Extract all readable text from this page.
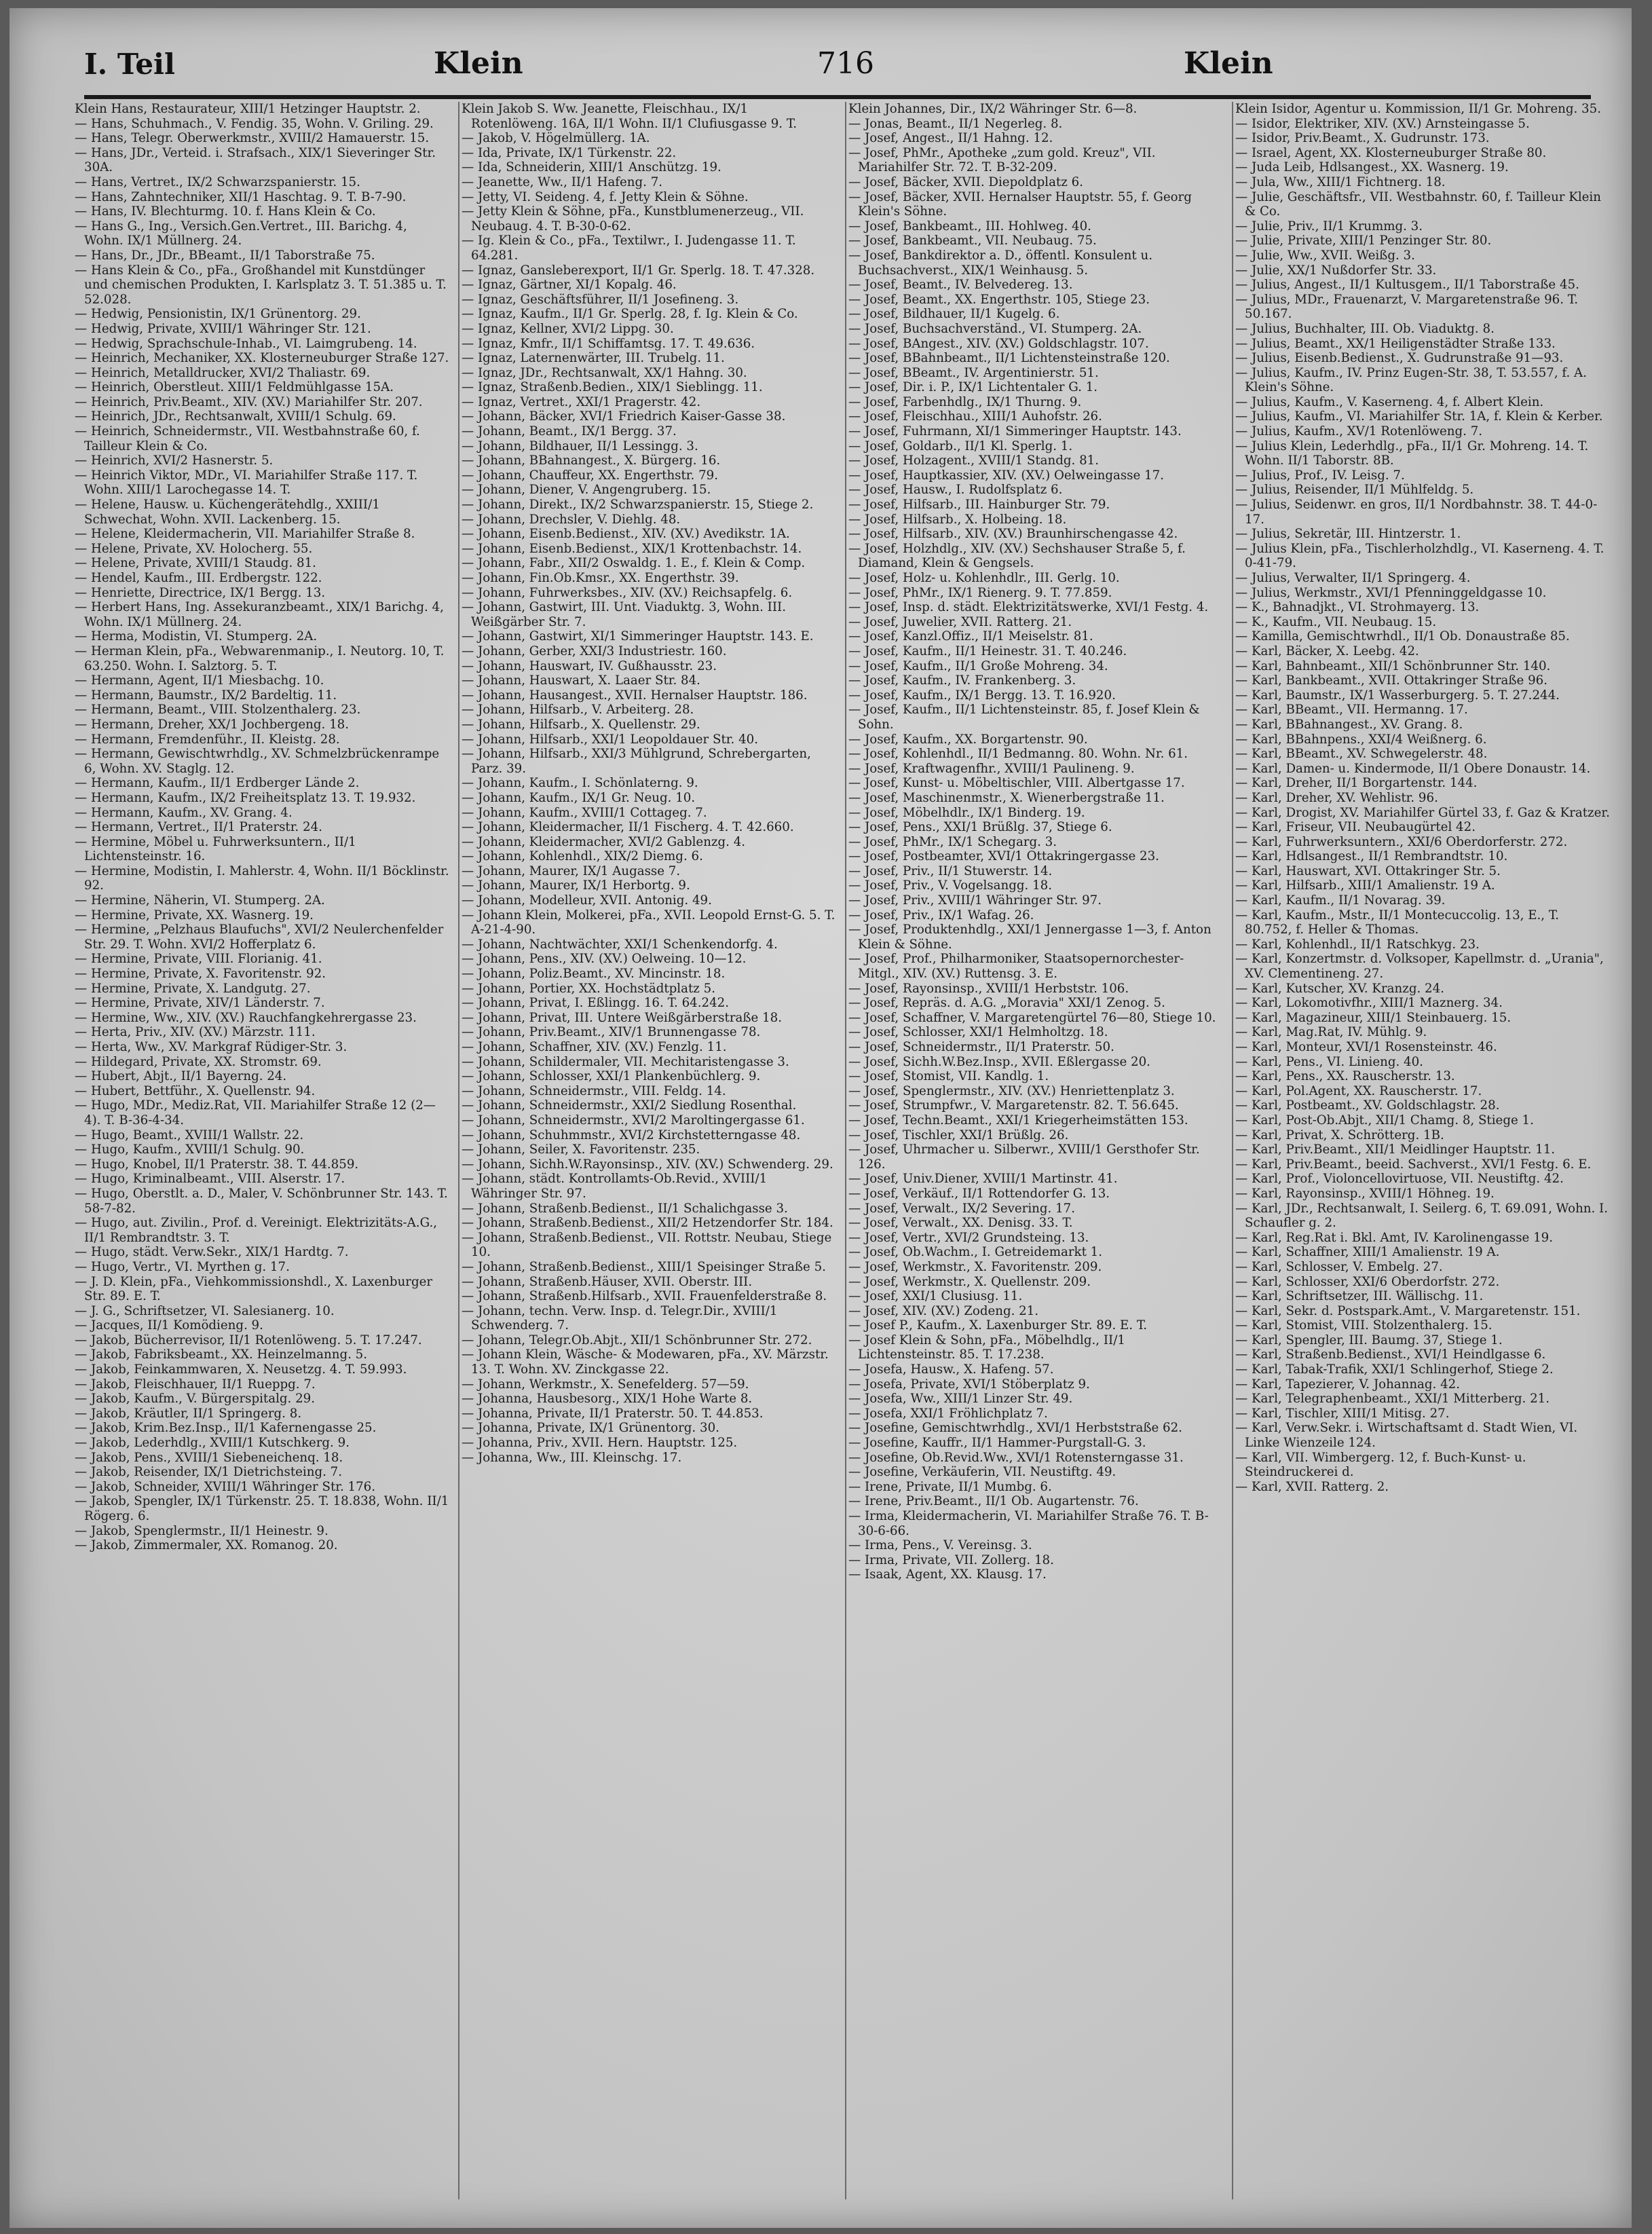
I. Teil	Klein	716	Klein

Klein Hans, Restaurateur, XIII/1 Hetzinger Hauptstr. 2.

— Hans, Schuhmach., V. Fendig. 35, Wohn. V. Griling. 29.

— Hans, Telegr. Oberwerkmstr., XVIII/2 Hamauerstr. 15.

— Hans, JDr., Verteid. i. Strafsach., XIX/1 Sieveringer Str. 30A.

— Hans, Vertret., IX/2 Schwarzspanierstr. 15.

— Hans, Zahntechniker, XII/1 Haschtag. 9. T. B-7-90.

— Hans, IV. Blechturmg. 10. f. Hans Klein & Co.

— Hans G., Ing., Versich.Gen.Vertret., III. Barichg. 4, Wohn. IX/1 Müllnerg. 24.

— Hans, Dr., JDr., BBeamt., II/1 Taborstraße 75.

— Hans Klein & Co., pFa., Großhandel mit Kunstdünger und chemischen Produkten, I. Karlsplatz 3. T. 51.385 u. T. 52.028.

— Hedwig, Pensionistin, IX/1 Grünentorg. 29.

— Hedwig, Private, XVIII/1 Währinger Str. 121.

— Hedwig, Sprachschule-Inhab., VI. Laimgrubeng. 14.

— Heinrich, Mechaniker, XX. Klosterneuburger Straße 127.

— Heinrich, Metalldrucker, XVI/2 Thaliastr. 69.

— Heinrich, Oberstleut. XIII/1 Feldmühlgasse 15A.

— Heinrich, Priv.Beamt., XIV. (XV.) Mariahilfer Str. 207.

— Heinrich, JDr., Rechtsanwalt, XVIII/1 Schulg. 69.

— Heinrich, Schneidermstr., VII. Westbahnstraße 60, f. Tailleur Klein & Co.

— Heinrich, XVI/2 Hasnerstr. 5.

— Heinrich Viktor, MDr., VI. Mariahilfer Straße 117. T. Wohn. XIII/1 Larochegasse 14. T.

— Helene, Hausw. u. Küchengerätehdlg., XXIII/1 Schwechat, Wohn. XVII. Lackenberg. 15.

— Helene, Kleidermacherin, VII. Mariahilfer Straße 8.

— Helene, Private, XV. Holocherg. 55.

— Helene, Private, XVIII/1 Staudg. 81.

— Hendel, Kaufm., III. Erdbergstr. 122.

— Henriette, Directrice, IX/1 Bergg. 13.

— Herbert Hans, Ing. Assekuranzbeamt., XIX/1 Barichg. 4, Wohn. IX/1 Müllnerg. 24.

— Herma, Modistin, VI. Stumperg. 2A.

— Herman Klein, pFa., Webwarenmanip., I. Neutorg. 10, T. 63.250. Wohn. I. Salztorg. 5. T.

— Hermann, Agent, II/1 Miesbachg. 10.

— Hermann, Baumstr., IX/2 Bardeltig. 11.

— Hermann, Beamt., VIII. Stolzenthalerg. 23.

— Hermann, Dreher, XX/1 Jochbergeng. 18.

— Hermann, Fremdenführ., II. Kleistg. 28.

— Hermann, Gewischtwrhdlg., XV. Schmelzbrückenrampe 6, Wohn. XV. Staglg. 12.

— Hermann, Kaufm., II/1 Erdberger Lände 2.

— Hermann, Kaufm., IX/2 Freiheitsplatz 13. T. 19.932.

— Hermann, Kaufm., XV. Grang. 4.

— Hermann, Vertret., II/1 Praterstr. 24.

— Hermine, Möbel u. Fuhrwerksuntern., II/1 Lichtensteinstr. 16.

— Hermine, Modistin, I. Mahlerstr. 4, Wohn. II/1 Böcklinstr. 92.

— Hermine, Näherin, VI. Stumperg. 2A.

— Hermine, Private, XX. Wasnerg. 19.

— Hermine, „Pelzhaus Blaufuchs", XVI/2 Neulerchenfelder Str. 29. T. Wohn. XVI/2 Hofferplatz 6.

— Hermine, Private, VIII. Florianig. 41.

— Hermine, Private, X. Favoritenstr. 92.

— Hermine, Private, X. Landgutg. 27.

— Hermine, Private, XIV/1 Länderstr. 7.

— Hermine, Ww., XIV. (XV.) Rauchfangkehrergasse 23.

— Herta, Priv., XIV. (XV.) Märzstr. 111.

— Herta, Ww., XV. Markgraf Rüdiger-Str. 3.

— Hildegard, Private, XX. Stromstr. 69.

— Hubert, Abjt., II/1 Bayerng. 24.

— Hubert, Bettführ., X. Quellenstr. 94.

— Hugo, MDr., Mediz.Rat, VII. Mariahilfer Straße 12 (2—4). T. B-36-4-34.

— Hugo, Beamt., XVIII/1 Wallstr. 22.

— Hugo, Kaufm., XVIII/1 Schulg. 90.

— Hugo, Knobel, II/1 Praterstr. 38. T. 44.859.

— Hugo, Kriminalbeamt., VIII. Alserstr. 17.

— Hugo, Oberstlt. a. D., Maler, V. Schönbrunner Str. 143. T. 58-7-82.

— Hugo, aut. Zivilin., Prof. d. Vereinigt. Elektrizitäts-A.G., II/1 Rembrandtstr. 3. T.

— Hugo, städt. Verw.Sekr., XIX/1 Hardtg. 7.

— Hugo, Vertr., VI. Myrthen g. 17.

— J. D. Klein, pFa., Viehkommissionshdl., X. Laxenburger Str. 89. E. T.

— J. G., Schriftsetzer, VI. Salesianerg. 10.

— Jacques, II/1 Komödieng. 9.

— Jakob, Bücherrevisor, II/1 Rotenlöweng. 5. T. 17.247.

— Jakob, Fabriksbeamt., XX. Heinzelmanng. 5.

— Jakob, Feinkammwaren, X. Neusetzg. 4. T. 59.993.

— Jakob, Fleischhauer, II/1 Rueppg. 7.

— Jakob, Kaufm., V. Bürgerspitalg. 29.

— Jakob, Kräutler, II/1 Springerg. 8.

— Jakob, Krim.Bez.Insp., II/1 Kafernengasse 25.

— Jakob, Lederhdlg., XVIII/1 Kutschkerg. 9.

— Jakob, Pens., XVIII/1 Siebeneichenq. 18.

— Jakob, Reisender, IX/1 Dietrichsteing. 7.

— Jakob, Schneider, XVIII/1 Währinger Str. 176.

— Jakob, Spengler, IX/1 Türkenstr. 25. T. 18.838, Wohn. II/1 Rögerg. 6.

— Jakob, Spenglermstr., II/1 Heinestr. 9.

— Jakob, Zimmermaler, XX. Romanog. 20.

Klein Jakob S. Ww. Jeanette, Fleischhau., IX/1 Rotenlöweng. 16A, II/1 Wohn. II/1 Clufiusgasse 9. T.

— Jakob, V. Högelmüllerg. 1A.

— Ida, Private, IX/1 Türkenstr. 22.

— Ida, Schneiderin, XIII/1 Anschützg. 19.

— Jeanette, Ww., II/1 Hafeng. 7.

— Jetty, VI. Seideng. 4, f. Jetty Klein & Söhne.

— Jetty Klein & Söhne, pFa., Kunstblumenerzeug., VII. Neubaug. 4. T. B-30-0-62.

— Ig. Klein & Co., pFa., Textilwr., I. Judengasse 11. T. 64.281.

— Ignaz, Gansleberexport, II/1 Gr. Sperlg. 18. T. 47.328.

— Ignaz, Gärtner, XI/1 Kopalg. 46.

— Ignaz, Geschäftsführer, II/1 Josefineng. 3.

— Ignaz, Kaufm., II/1 Gr. Sperlg. 28, f. Ig. Klein & Co.

— Ignaz, Kellner, XVI/2 Lippg. 30.

— Ignaz, Kmfr., II/1 Schiffamtsg. 17. T. 49.636.

— Ignaz, Laternenwärter, III. Trubelg. 11.

— Ignaz, JDr., Rechtsanwalt, XX/1 Hahng. 30.

— Ignaz, Straßenb.Bedien., XIX/1 Sieblingg. 11.

— Ignaz, Vertret., XXI/1 Pragerstr. 42.

— Johann, Bäcker, XVI/1 Friedrich Kaiser-Gasse 38.

— Johann, Beamt., IX/1 Bergg. 37.

— Johann, Bildhauer, II/1 Lessingg. 3.

— Johann, BBahnangest., X. Bürgerg. 16.

— Johann, Chauffeur, XX. Engerthstr. 79.

— Johann, Diener, V. Angengruberg. 15.

— Johann, Direkt., IX/2 Schwarzspanierstr. 15, Stiege 2.

— Johann, Drechsler, V. Diehlg. 48.

— Johann, Eisenb.Bedienst., XIV. (XV.) Avedikstr. 1A.

— Johann, Eisenb.Bedienst., XIX/1 Krottenbachstr. 14.

— Johann, Fabr., XII/2 Oswaldg. 1. E., f. Klein & Comp.

— Johann, Fin.Ob.Kmsr., XX. Engerthstr. 39.

— Johann, Fuhrwerksbes., XIV. (XV.) Reichsapfelg. 6.

— Johann, Gastwirt, III. Unt. Viaduktg. 3, Wohn. III. Weißgärber Str. 7.

— Johann, Gastwirt, XI/1 Simmeringer Hauptstr. 143. E.

— Johann, Gerber, XXI/3 Industriestr. 160.

— Johann, Hauswart, IV. Gußhausstr. 23.

— Johann, Hauswart, X. Laaer Str. 84.

— Johann, Hausangest., XVII. Hernalser Hauptstr. 186.

— Johann, Hilfsarb., V. Arbeiterg. 28.

— Johann, Hilfsarb., X. Quellenstr. 29.

— Johann, Hilfsarb., XXI/1 Leopoldauer Str. 40.

— Johann, Hilfsarb., XXI/3 Mühlgrund, Schrebergarten, Parz. 39.

— Johann, Kaufm., I. Schönlaterng. 9.

— Johann, Kaufm., IX/1 Gr. Neug. 10.

— Johann, Kaufm., XVIII/1 Cottageg. 7.

— Johann, Kleidermacher, II/1 Fischerg. 4. T. 42.660.

— Johann, Kleidermacher, XVI/2 Gablenzg. 4.

— Johann, Kohlenhdl., XIX/2 Diemg. 6.

— Johann, Maurer, IX/1 Augasse 7.

— Johann, Maurer, IX/1 Herbortg. 9.

— Johann, Modelleur, XVII. Antonig. 49.

— Johann Klein, Molkerei, pFa., XVII. Leopold Ernst-G. 5. T. A-21-4-90.

— Johann, Nachtwächter, XXI/1 Schenkendorfg. 4.

— Johann, Pens., XIV. (XV.) Oelweing. 10—12.

— Johann, Poliz.Beamt., XV. Mincinstr. 18.

— Johann, Portier, XX. Hochstädtplatz 5.

— Johann, Privat, I. Eßlingg. 16. T. 64.242.

— Johann, Privat, III. Untere Weißgärberstraße 18.

— Johann, Priv.Beamt., XIV/1 Brunnengasse 78.

— Johann, Schaffner, XIV. (XV.) Fenzlg. 11.

— Johann, Schildermaler, VII. Mechitaristengasse 3.

— Johann, Schlosser, XXI/1 Plankenbüchlerg. 9.

— Johann, Schneidermstr., VIII. Feldg. 14.

— Johann, Schneidermstr., XXI/2 Siedlung Rosenthal.

— Johann, Schneidermstr., XVI/2 Maroltingergasse 61.

— Johann, Schuhmmstr., XVI/2 Kirchstetterngasse 48.

— Johann, Seiler, X. Favoritenstr. 235.

— Johann, Sichh.W.Rayonsinsp., XIV. (XV.) Schwenderg. 29.

— Johann, städt. Kontrollamts-Ob.Revid., XVIII/1 Währinger Str. 97.

— Johann, Straßenb.Bedienst., II/1 Schalichgasse 3.

— Johann, Straßenb.Bedienst., XII/2 Hetzendorfer Str. 184.

— Johann, Straßenb.Bedienst., VII. Rottstr. Neubau, Stiege 10.

— Johann, Straßenb.Bedienst., XIII/1 Speisinger Straße 5.

— Johann, Straßenb.Häuser, XVII. Oberstr. III.

— Johann, Straßenb.Hilfsarb., XVII. Frauenfelderstraße 8.

— Johann, techn. Verw. Insp. d. Telegr.Dir., XVIII/1 Schwenderg. 7.

— Johann, Telegr.Ob.Abjt., XII/1 Schönbrunner Str. 272.

— Johann Klein, Wäsche- & Modewaren, pFa., XV. Märzstr. 13. T. Wohn. XV. Zinckgasse 22.

— Johann, Werkmstr., X. Senefelderg. 57—59.

— Johanna, Hausbesorg., XIX/1 Hohe Warte 8.

— Johanna, Private, II/1 Praterstr. 50. T. 44.853.

— Johanna, Private, IX/1 Grünentorg. 30.

— Johanna, Priv., XVII. Hern. Hauptstr. 125.

— Johanna, Ww., III. Kleinschg. 17.

Klein Johannes, Dir., IX/2 Währinger Str. 6—8.

— Jonas, Beamt., II/1 Negerleg. 8.

— Josef, Angest., II/1 Hahng. 12.

— Josef, PhMr., Apotheke „zum gold. Kreuz", VII. Mariahilfer Str. 72. T. B-32-209.

— Josef, Bäcker, XVII. Diepoldplatz 6.

— Josef, Bäcker, XVII. Hernalser Hauptstr. 55, f. Georg Klein's Söhne.

— Josef, Bankbeamt., III. Hohlweg. 40.

— Josef, Bankbeamt., VII. Neubaug. 75.

— Josef, Bankdirektor a. D., öffentl. Konsulent u. Buchsachverst., XIX/1 Weinhausg. 5.

— Josef, Beamt., IV. Belvedereg. 13.

— Josef, Beamt., XX. Engerthstr. 105, Stiege 23.

— Josef, Bildhauer, II/1 Kugelg. 6.

— Josef, Buchsachverständ., VI. Stumperg. 2A.

— Josef, BAngest., XIV. (XV.) Goldschlagstr. 107.

— Josef, BBahnbeamt., II/1 Lichtensteinstraße 120.

— Josef, BBeamt., IV. Argentinierstr. 51.

— Josef, Dir. i. P., IX/1 Lichtentaler G. 1.

— Josef, Farbenhdlg., IX/1 Thurng. 9.

— Josef, Fleischhau., XIII/1 Auhofstr. 26.

— Josef, Fuhrmann, XI/1 Simmeringer Hauptstr. 143.

— Josef, Goldarb., II/1 Kl. Sperlg. 1.

— Josef, Holzagent., XVIII/1 Standg. 81.

— Josef, Hauptkassier, XIV. (XV.) Oelweingasse 17.

— Josef, Hausw., I. Rudolfsplatz 6.

— Josef, Hilfsarb., III. Hainburger Str. 79.

— Josef, Hilfsarb., X. Holbeing. 18.

— Josef, Hilfsarb., XIV. (XV.) Braunhirschengasse 42.

— Josef, Holzhdlg., XIV. (XV.) Sechshauser Straße 5, f. Diamand, Klein & Gengsels.

— Josef, Holz- u. Kohlenhdlr., III. Gerlg. 10.

— Josef, PhMr., IX/1 Rienerg. 9. T. 77.859.

— Josef, Insp. d. städt. Elektrizitätswerke, XVI/1 Festg. 4.

— Josef, Juwelier, XVII. Ratterg. 21.

— Josef, Kanzl.Offiz., II/1 Meiselstr. 81.

— Josef, Kaufm., II/1 Heinestr. 31. T. 40.246.

— Josef, Kaufm., II/1 Große Mohreng. 34.

— Josef, Kaufm., IV. Frankenberg. 3.

— Josef, Kaufm., IX/1 Bergg. 13. T. 16.920.

— Josef, Kaufm., II/1 Lichtensteinstr. 85, f. Josef Klein & Sohn.

— Josef, Kaufm., XX. Borgartenstr. 90.

— Josef, Kohlenhdl., II/1 Bedmanng. 80. Wohn. Nr. 61.

— Josef, Kraftwagenfhr., XVIII/1 Paulineng. 9.

— Josef, Kunst- u. Möbeltischler, VIII. Albertgasse 17.

— Josef, Maschinenmstr., X. Wienerbergstraße 11.

— Josef, Möbelhdlr., IX/1 Binderg. 19.

— Josef, Pens., XXI/1 Brüßlg. 37, Stiege 6.

— Josef, PhMr., IX/1 Schegarg. 3.

— Josef, Postbeamter, XVI/1 Ottakringergasse 23.

— Josef, Priv., II/1 Stuwerstr. 14.

— Josef, Priv., V. Vogelsangg. 18.

— Josef, Priv., XVIII/1 Währinger Str. 97.

— Josef, Priv., IX/1 Wafag. 26.

— Josef, Produktenhdlg., XXI/1 Jennergasse 1—3, f. Anton Klein & Söhne.

— Josef, Prof., Philharmoniker, Staatsopernorchester-Mitgl., XIV. (XV.) Ruttensg. 3. E.

— Josef, Rayonsinsp., XVIII/1 Herbststr. 106.

— Josef, Repräs. d. A.G. „Moravia" XXI/1 Zenog. 5.

— Josef, Schaffner, V. Margaretengürtel 76—80, Stiege 10.

— Josef, Schlosser, XXI/1 Helmholtzg. 18.

— Josef, Schneidermstr., II/1 Praterstr. 50.

— Josef, Sichh.W.Bez.Insp., XVII. Eßlergasse 20.

— Josef, Stomist, VII. Kandlg. 1.

— Josef, Spenglermstr., XIV. (XV.) Henriettenplatz 3.

— Josef, Strumpfwr., V. Margaretenstr. 82. T. 56.645.

— Josef, Techn.Beamt., XXI/1 Kriegerheimstätten 153.

— Josef, Tischler, XXI/1 Brüßlg. 26.

— Josef, Uhrmacher u. Silberwr., XVIII/1 Gersthofer Str. 126.

— Josef, Univ.Diener, XVIII/1 Martinstr. 41.

— Josef, Verkäuf., II/1 Rottendorfer G. 13.

— Josef, Verwalt., IX/2 Severing. 17.

— Josef, Verwalt., XX. Denisg. 33. T.

— Josef, Vertr., XVI/2 Grundsteing. 13.

— Josef, Ob.Wachm., I. Getreidemarkt 1.

— Josef, Werkmstr., X. Favoritenstr. 209.

— Josef, Werkmstr., X. Quellenstr. 209.

— Josef, XXI/1 Clusiusg. 11.

— Josef, XIV. (XV.) Zodeng. 21.

— Josef P., Kaufm., X. Laxenburger Str. 89. E. T.

— Josef Klein & Sohn, pFa., Möbelhdlg., II/1 Lichtensteinstr. 85. T. 17.238.

— Josefa, Hausw., X. Hafeng. 57.

— Josefa, Private, XVI/1 Stöberplatz 9.

— Josefa, Ww., XIII/1 Linzer Str. 49.

— Josefa, XXI/1 Fröhlichplatz 7.

— Josefine, Gemischtwrhdlg., XVI/1 Herbststraße 62.

— Josefine, Kauffr., II/1 Hammer-Purgstall-G. 3.

— Josefine, Ob.Revid.Ww., XVI/1 Rotensterngasse 31.

— Josefine, Verkäuferin, VII. Neustiftg. 49.

— Irene, Private, II/1 Mumbg. 6.

— Irene, Priv.Beamt., II/1 Ob. Augartenstr. 76.

— Irma, Kleidermacherin, VI. Mariahilfer Straße 76. T. B-30-6-66.

— Irma, Pens., V. Vereinsg. 3.

— Irma, Private, VII. Zollerg. 18.

— Isaak, Agent, XX. Klausg. 17.

Klein Isidor, Agentur u. Kommission, II/1 Gr. Mohreng. 35.

— Isidor, Elektriker, XIV. (XV.) Arnsteingasse 5.

— Isidor, Priv.Beamt., X. Gudrunstr. 173.

— Israel, Agent, XX. Klosterneuburger Straße 80.

— Juda Leib, Hdlsangest., XX. Wasnerg. 19.

— Jula, Ww., XIII/1 Fichtnerg. 18.

— Julie, Geschäftsfr., VII. Westbahnstr. 60, f. Tailleur Klein & Co.

— Julie, Priv., II/1 Krummg. 3.

— Julie, Private, XIII/1 Penzinger Str. 80.

— Julie, Ww., XVII. Weißg. 3.

— Julie, XX/1 Nußdorfer Str. 33.

— Julius, Angest., II/1 Kultusgem., II/1 Taborstraße 45.

— Julius, MDr., Frauenarzt, V. Margaretenstraße 96. T. 50.167.

— Julius, Buchhalter, III. Ob. Viaduktg. 8.

— Julius, Beamt., XX/1 Heiligenstädter Straße 133.

— Julius, Eisenb.Bedienst., X. Gudrunstraße 91—93.

— Julius, Kaufm., IV. Prinz Eugen-Str. 38, T. 53.557, f. A. Klein's Söhne.

— Julius, Kaufm., V. Kaserneng. 4, f. Albert Klein.

— Julius, Kaufm., VI. Mariahilfer Str. 1A, f. Klein & Kerber.

— Julius, Kaufm., XV/1 Rotenlöweng. 7.

— Julius Klein, Lederhdlg., pFa., II/1 Gr. Mohreng. 14. T. Wohn. II/1 Taborstr. 8B.

— Julius, Prof., IV. Leisg. 7.

— Julius, Reisender, II/1 Mühlfeldg. 5.

— Julius, Seidenwr. en gros, II/1 Nordbahnstr. 38. T. 44-0-17.

— Julius, Sekretär, III. Hintzerstr. 1.

— Julius Klein, pFa., Tischlerholzhdlg., VI. Kaserneng. 4. T. 0-41-79.

— Julius, Verwalter, II/1 Springerg. 4.

— Julius, Werkmstr., XVI/1 Pfenninggeldgasse 10.

— K., Bahnadjkt., VI. Strohmayerg. 13.

— K., Kaufm., VII. Neubaug. 15.

— Kamilla, Gemischtwrhdl., II/1 Ob. Donaustraße 85.

— Karl, Bäcker, X. Leebg. 42.

— Karl, Bahnbeamt., XII/1 Schönbrunner Str. 140.

— Karl, Bankbeamt., XVII. Ottakringer Straße 96.

— Karl, Baumstr., IX/1 Wasserburgerg. 5. T. 27.244.

— Karl, BBeamt., VII. Hermanng. 17.

— Karl, BBahnangest., XV. Grang. 8.

— Karl, BBahnpens., XXI/4 Weißnerg. 6.

— Karl, BBeamt., XV. Schwegelerstr. 48.

— Karl, Damen- u. Kindermode, II/1 Obere Donaustr. 14.

— Karl, Dreher, II/1 Borgartenstr. 144.

— Karl, Dreher, XV. Wehlistr. 96.

— Karl, Drogist, XV. Mariahilfer Gürtel 33, f. Gaz & Kratzer.

— Karl, Friseur, VII. Neubaugürtel 42.

— Karl, Fuhrwerksuntern., XXI/6 Oberdorferstr. 272.

— Karl, Hdlsangest., II/1 Rembrandtstr. 10.

— Karl, Hauswart, XVI. Ottakringer Str. 5.

— Karl, Hilfsarb., XIII/1 Amalienstr. 19 A.

— Karl, Kaufm., II/1 Novarag. 39.

— Karl, Kaufm., Mstr., II/1 Montecuccolig. 13, E., T. 80.752, f. Heller & Thomas.

— Karl, Kohlenhdl., II/1 Ratschkyg. 23.

— Karl, Konzertmstr. d. Volksoper, Kapellmstr. d. „Urania", XV. Clementineng. 27.

— Karl, Kutscher, XV. Kranzg. 24.

— Karl, Lokomotivfhr., XIII/1 Maznerg. 34.

— Karl, Magazineur, XIII/1 Steinbauerg. 15.

— Karl, Mag.Rat, IV. Mühlg. 9.

— Karl, Monteur, XVI/1 Rosensteinstr. 46.

— Karl, Pens., VI. Linieng. 40.

— Karl, Pens., XX. Rauscherstr. 13.

— Karl, Pol.Agent, XX. Rauscherstr. 17.

— Karl, Postbeamt., XV. Goldschlagstr. 28.

— Karl, Post-Ob.Abjt., XII/1 Chamg. 8, Stiege 1.

— Karl, Privat, X. Schrötterg. 1B.

— Karl, Priv.Beamt., XII/1 Meidlinger Hauptstr. 11.

— Karl, Priv.Beamt., beeid. Sachverst., XVI/1 Festg. 6. E.

— Karl, Prof., Violoncellovirtuose, VII. Neustiftg. 42.

— Karl, Rayonsinsp., XVIII/1 Höhneg. 19.

— Karl, JDr., Rechtsanwalt, I. Seilerg. 6, T. 69.091, Wohn. I. Schaufler g. 2.

— Karl, Reg.Rat i. Bkl. Amt, IV. Karolinengasse 19.

— Karl, Schaffner, XIII/1 Amalienstr. 19 A.

— Karl, Schlosser, V. Embelg. 27.

— Karl, Schlosser, XXI/6 Oberdorfstr. 272.

— Karl, Schriftsetzer, III. Wällischg. 11.

— Karl, Sekr. d. Postspark.Amt., V. Margaretenstr. 151.

— Karl, Stomist, VIII. Stolzenthalerg. 15.

— Karl, Spengler, III. Baumg. 37, Stiege 1.

— Karl, Straßenb.Bedienst., XVI/1 Heindlgasse 6.

— Karl, Tabak-Trafik, XXI/1 Schlingerhof, Stiege 2.

— Karl, Tapezierer, V. Johannag. 42.

— Karl, Telegraphenbeamt., XXI/1 Mitterberg. 21.

— Karl, Tischler, XIII/1 Mitisg. 27.

— Karl, Verw.Sekr. i. Wirtschaftsamt d. Stadt Wien, VI. Linke Wienzeile 124.

— Karl, VII. Wimbergerg. 12, f. Buch-Kunst- u. Steindruckerei d.

— Karl, XVII. Ratterg. 2.
